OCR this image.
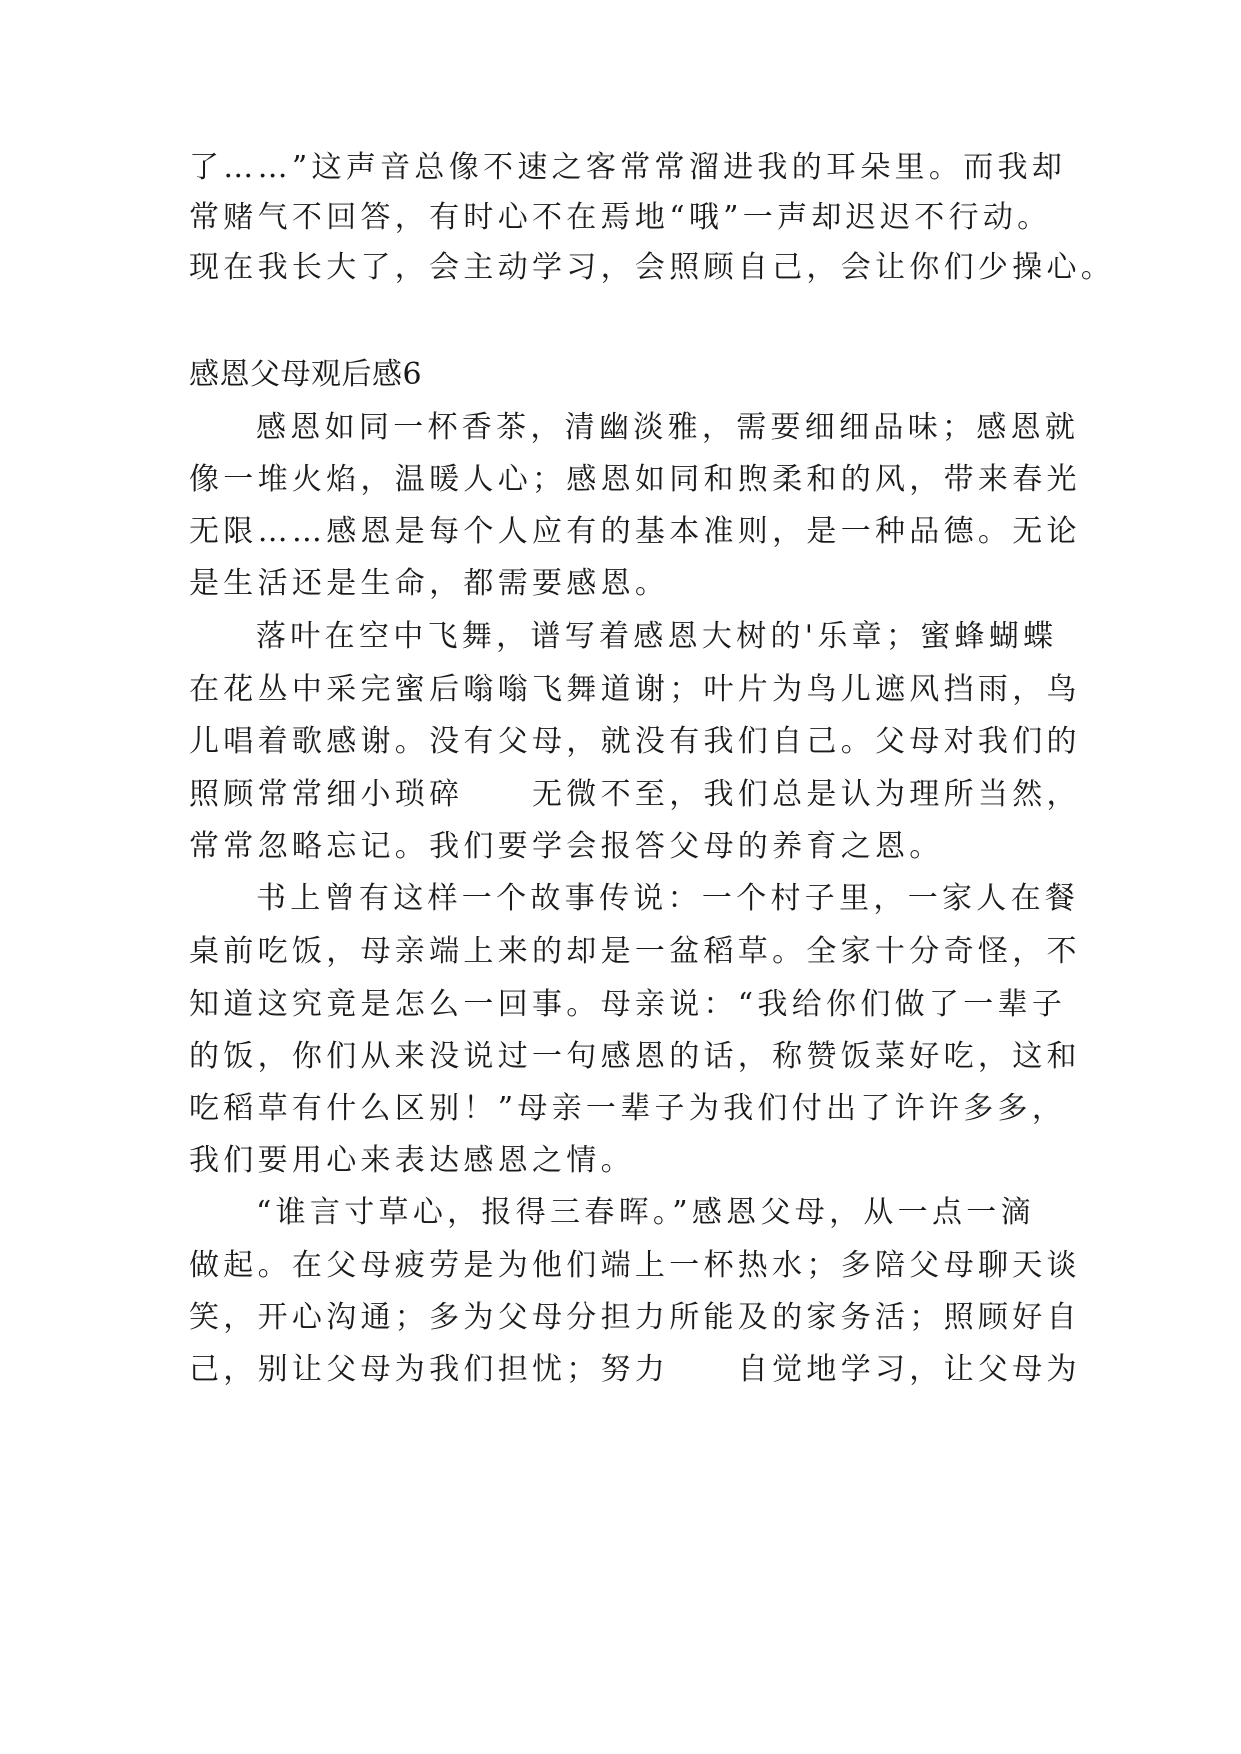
了……”这声音总像不速之客常常溜进我的耳朵里。而我却
常赌气不回答，有时心不在焉地“哦”一声却迟迟不行动。
现在我长大了，会主动学习，会照顾自己，会让你们少操心。
感恩父母观后感6
感恩如同一杯香茶，清幽淡雅，需要细细品味；感恩就
像一堆火焰，温暖人心；感恩如同和煦柔和的风，带来春光
无限……感恩是每个人应有的基本准则，是一种品德。无论
是生活还是生命，都需要感恩。
落叶在空中飞舞，谱写着感恩大树的'乐章；蜜蜂蝴蝶
在花丛中采完蜜后嗡嗡飞舞道谢；叶片为鸟儿遮风挡雨，鸟
儿唱着歌感谢。没有父母，就没有我们自己。父母对我们的
照顾常常细小琐碎　　无微不至，我们总是认为理所当然，
常常忽略忘记。我们要学会报答父母的养育之恩。
书上曾有这样一个故事传说：一个村子里，一家人在餐
桌前吃饭，母亲端上来的却是一盆稻草。全家十分奇怪，不
知道这究竟是怎么一回事。母亲说：“我给你们做了一辈子
的饭，你们从来没说过一句感恩的话，称赞饭菜好吃，这和
吃稻草有什么区别！”母亲一辈子为我们付出了许许多多，
我们要用心来表达感恩之情。
“谁言寸草心，报得三春晖。”感恩父母，从一点一滴
做起。在父母疲劳是为他们端上一杯热水；多陪父母聊天谈
笑，开心沟通；多为父母分担力所能及的家务活；照顾好自
己，别让父母为我们担忧；努力　　自觉地学习，让父母为
